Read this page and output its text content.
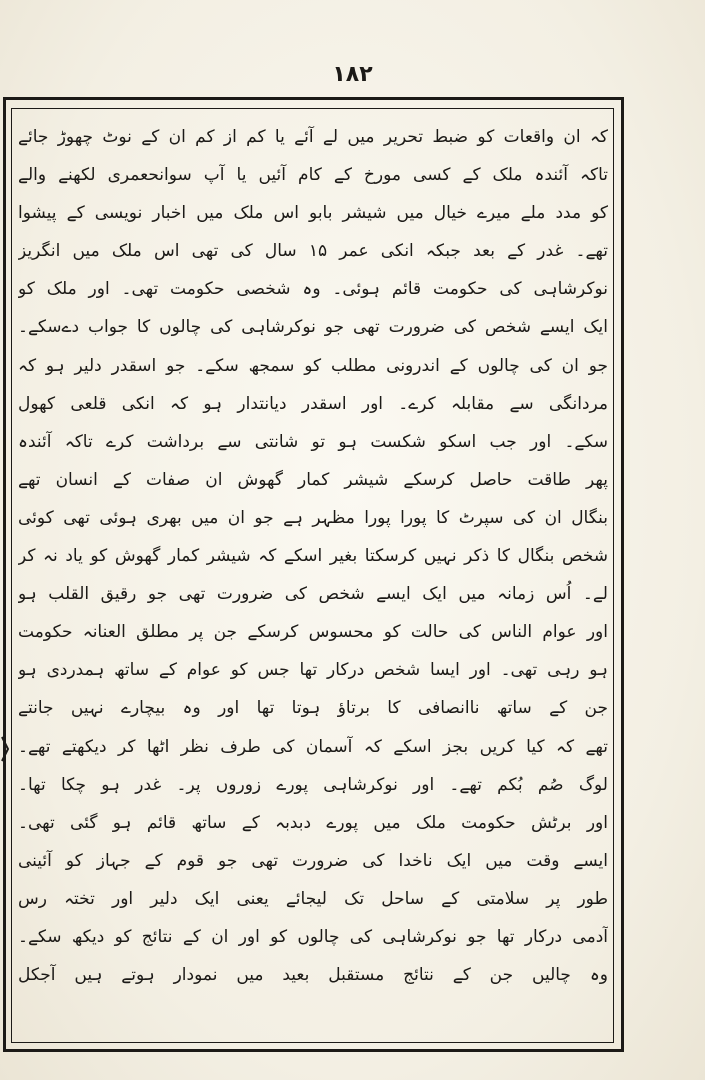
۱۸۲
کہ ان واقعات کو ضبط تحریر میں لے آئے یا کم از کم ان کے نوٹ چھوڑ جائے
تاکہ آئندہ ملک کے کسی مورخ کے کام آئیں یا آپ سوانحعمری لکھنے والے
کو مدد ملے میرے خیال میں شیشر بابو اس ملک میں اخبار نویسی کے پیشوا
تھے۔ غدر کے بعد جبکہ انکی عمر ۱۵ سال کی تھی اس ملک میں انگریز
نوکرشاہی کی حکومت قائم ہوئی۔ وہ شخصی حکومت تھی۔ اور ملک کو
ایک ایسے شخص کی ضرورت تھی جو نوکرشاہی کی چالوں کا جواب دےسکے۔
جو ان کی چالوں کے اندرونی مطلب کو سمجھ سکے۔ جو اسقدر دلیر ہو کہ
مردانگی سے مقابلہ کرے۔ اور اسقدر دیانتدار ہو کہ انکی قلعی کھول
سکے۔ اور جب اسکو شکست ہو تو شانتی سے برداشت کرے تاکہ آئندہ
پھر طاقت حاصل کرسکے شیشر کمار گھوش ان صفات کے انسان تھے
بنگال ان کی سپرٹ کا پورا پورا مظہر ہے جو ان میں بھری ہوئی تھی کوئی
شخص بنگال کا ذکر نہیں کرسکتا بغیر اسکے کہ شیشر کمار گھوش کو یاد نہ کر
لے۔ اُس زمانہ میں ایک ایسے شخص کی ضرورت تھی جو رقیق القلب ہو
اور عوام الناس کی حالت کو محسوس کرسکے جن پر مطلق العنانہ حکومت
ہو رہی تھی۔ اور ایسا شخص درکار تھا جس کو عوام کے ساتھ ہمدردی ہو
جن کے ساتھ ناانصافی کا برتاؤ ہوتا تھا اور وہ بیچارے نہیں جانتے
تھے کہ کیا کریں بجز اسکے کہ آسمان کی طرف نظر اٹھا کر دیکھتے تھے۔
لوگ صُم بُکم تھے۔ اور نوکرشاہی پورے زوروں پر۔ غدر ہو چکا تھا۔
اور برٹش حکومت ملک میں پورے دبدبہ کے ساتھ قائم ہو گئی تھی۔
ایسے وقت میں ایک ناخدا کی ضرورت تھی جو قوم کے جہاز کو آئینی
طور پر سلامتی کے ساحل تک لیجائے یعنی ایک دلیر اور تختہ رس
آدمی درکار تھا جو نوکرشاہی کی چالوں کو اور ان کے نتائج کو دیکھ سکے۔
وہ چالیں جن کے نتائج مستقبل بعید میں نمودار ہوتے ہیں آجکل
